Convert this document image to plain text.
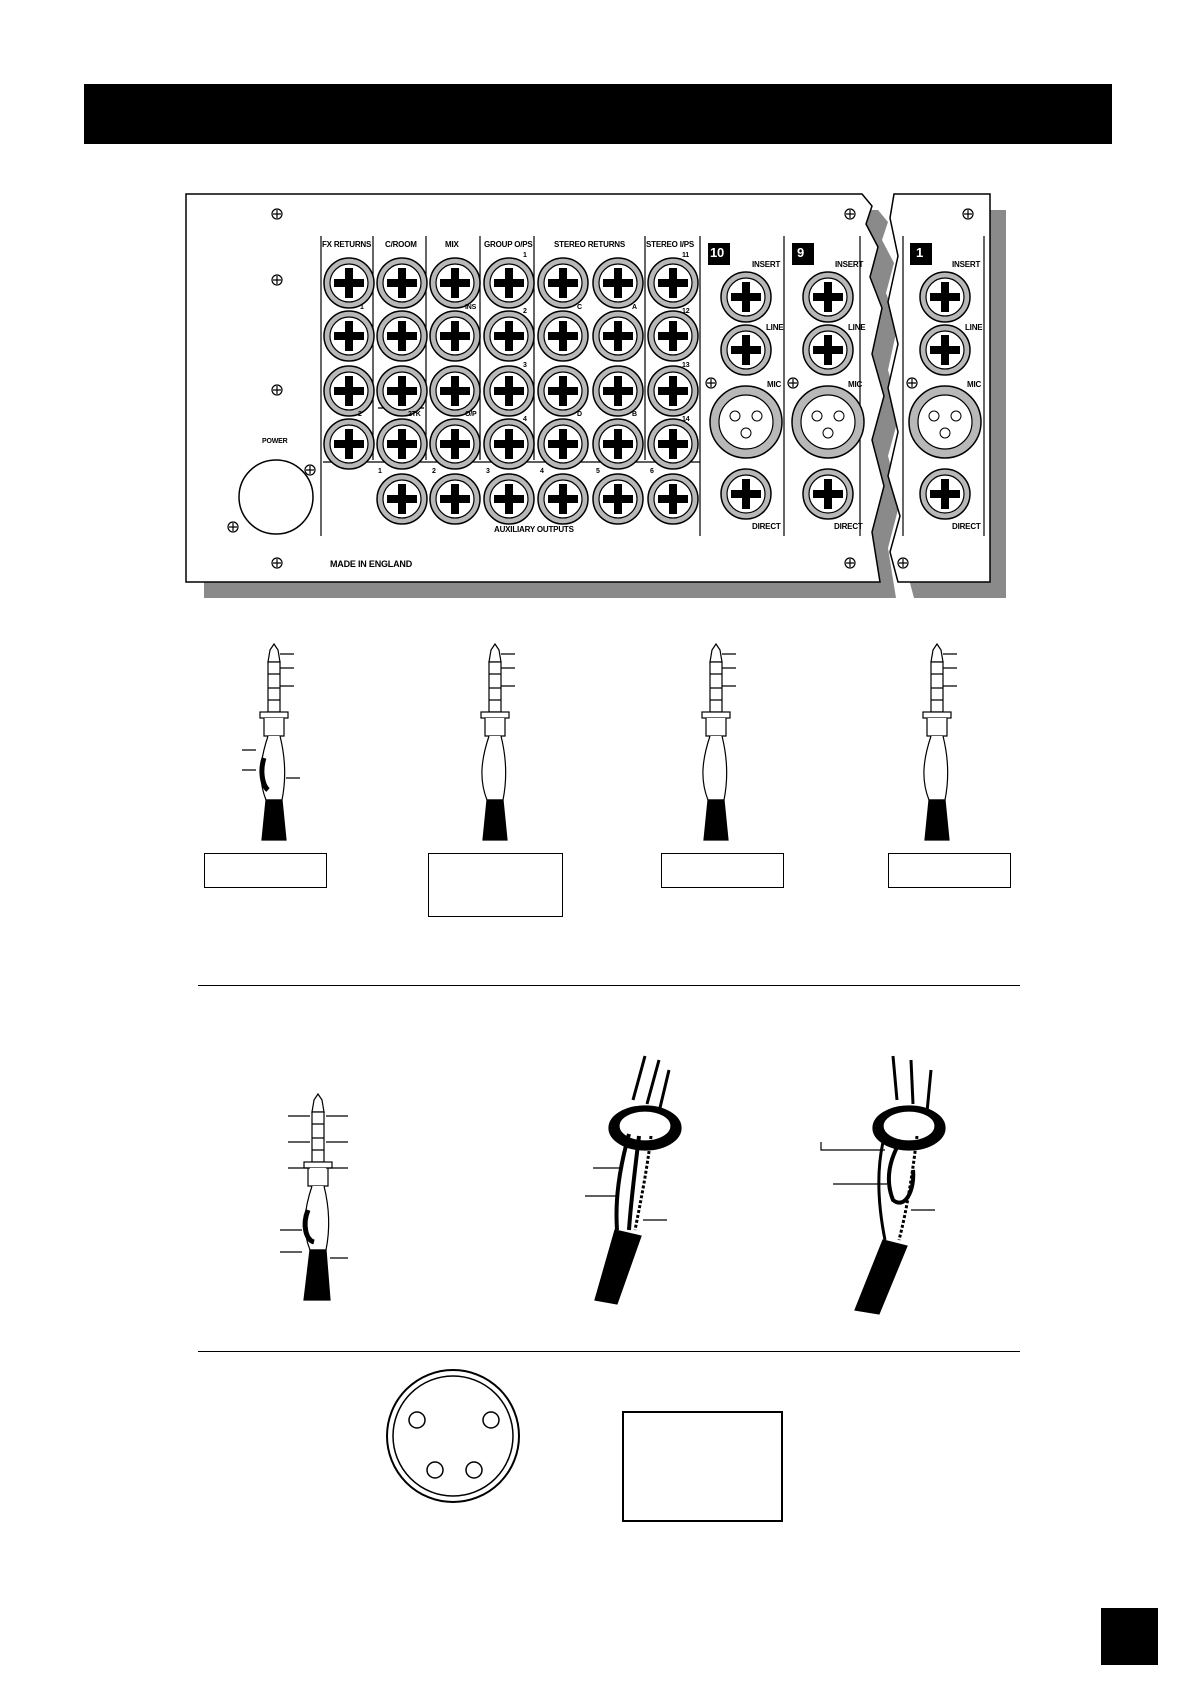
FX RETURNS C/ROOM	MIX	GROUP O/PS	STEREO RETURNS	STEREO I/PS
AUXILIARY OUTPUTS
POWER
MADE IN ENGLAND
1
2	2TK
INS
O/P
1
2
3
4
C
D
A
B
11
12
13
14
1	2	3	4	5	6
10	9	1
INSERT	INSERT	INSERT
LINE	LINE	LINE
MIC	MIC	MIC
DIRECT	DIRECT	DIRECT
